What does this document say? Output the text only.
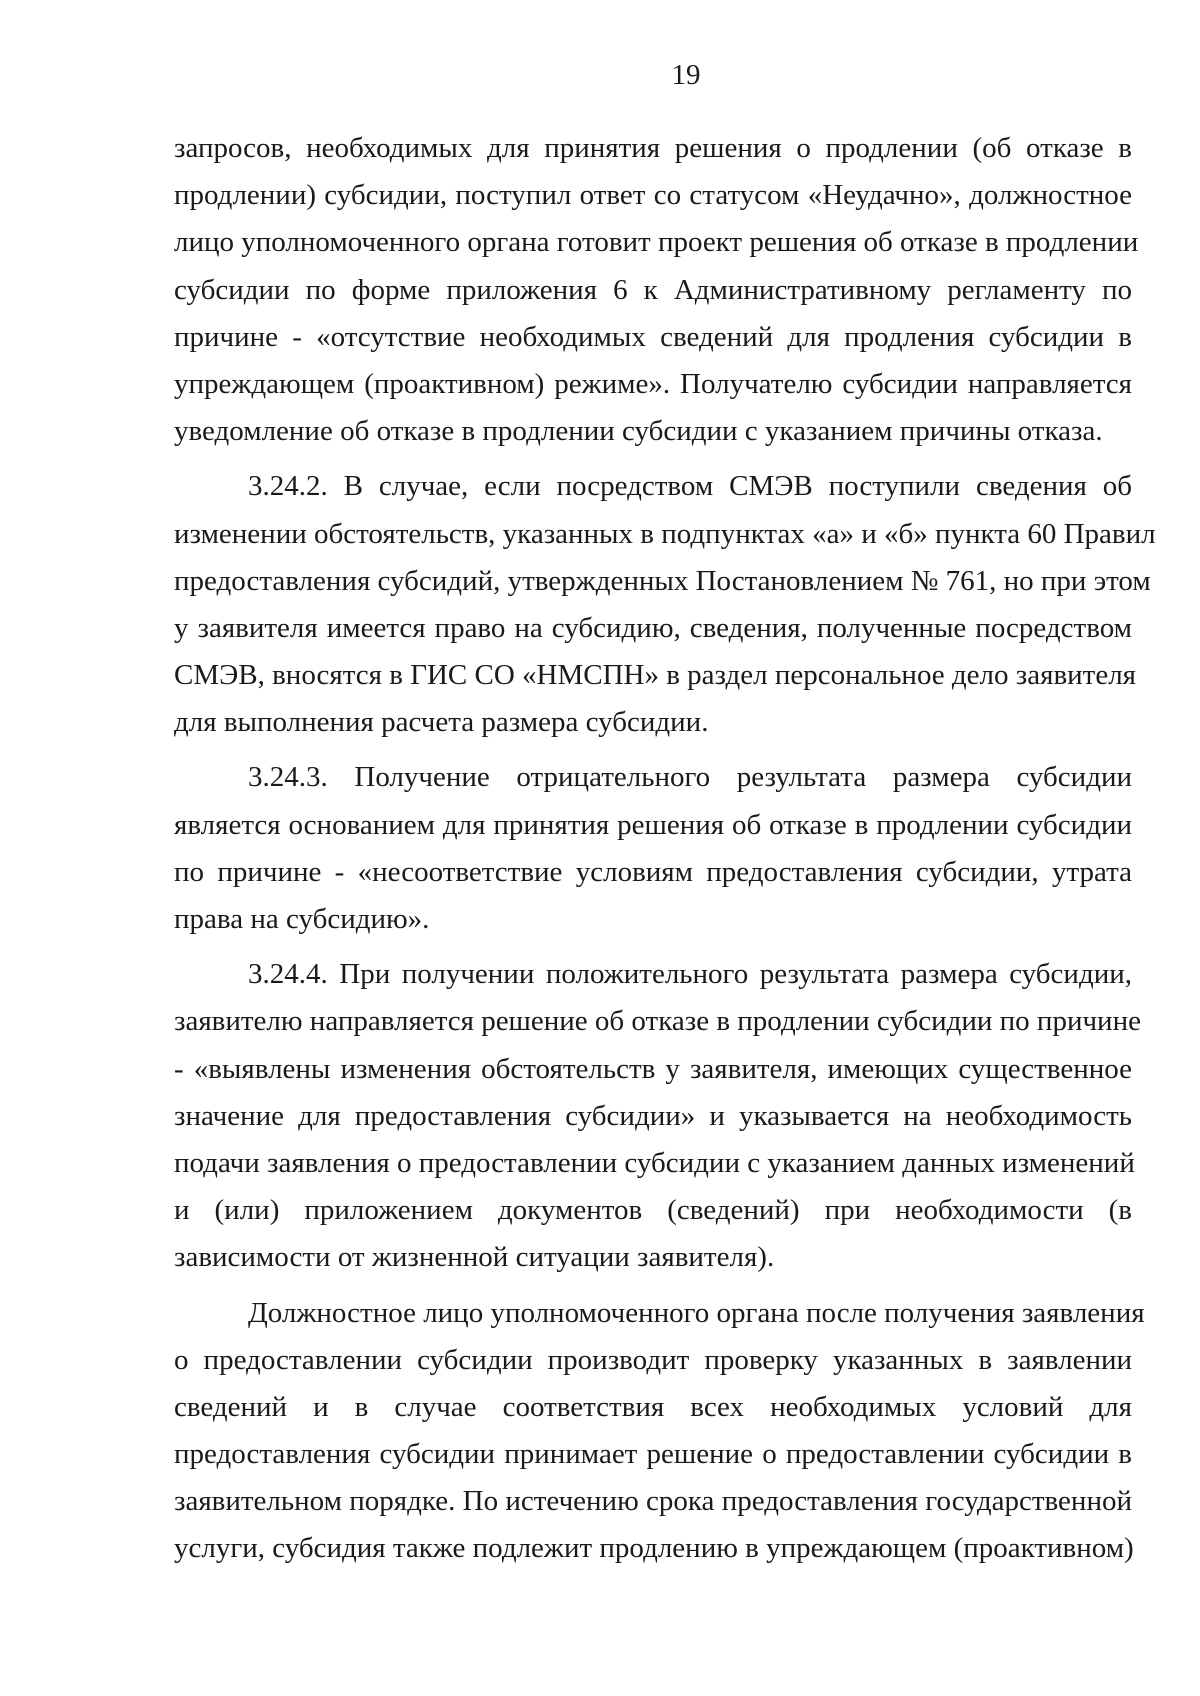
19
запросов, необходимых для принятия решения о продлении (об отказе в
продлении) субсидии, поступил ответ со статусом «Неудачно», должностное
лицо уполномоченного органа готовит проект решения об отказе в продлении
субсидии по форме приложения 6 к Административному регламенту по
причине - «отсутствие необходимых сведений для продления субсидии в
упреждающем (проактивном) режиме». Получателю субсидии направляется
уведомление об отказе в продлении субсидии с указанием причины отказа.
3.24.2. В случае, если посредством СМЭВ поступили сведения об
изменении обстоятельств, указанных в подпунктах «а» и «б» пункта 60 Правил
предоставления субсидий, утвержденных Постановлением № 761, но при этом
у заявителя имеется право на субсидию, сведения, полученные посредством
СМЭВ, вносятся в ГИС СО «НМСПН» в раздел персональное дело заявителя
для выполнения расчета размера субсидии.
3.24.3. Получение отрицательного результата размера субсидии
является основанием для принятия решения об отказе в продлении субсидии
по причине - «несоответствие условиям предоставления субсидии, утрата
права на субсидию».
3.24.4. При получении положительного результата размера субсидии,
заявителю направляется решение об отказе в продлении субсидии по причине
- «выявлены изменения обстоятельств у заявителя, имеющих существенное
значение для предоставления субсидии» и указывается на необходимость
подачи заявления о предоставлении субсидии с указанием данных изменений
и (или) приложением документов (сведений) при необходимости (в
зависимости от жизненной ситуации заявителя).
Должностное лицо уполномоченного органа после получения заявления
о предоставлении субсидии производит проверку указанных в заявлении
сведений и в случае соответствия всех необходимых условий для
предоставления субсидии принимает решение о предоставлении субсидии в
заявительном порядке. По истечению срока предоставления государственной
услуги, субсидия также подлежит продлению в упреждающем (проактивном)
